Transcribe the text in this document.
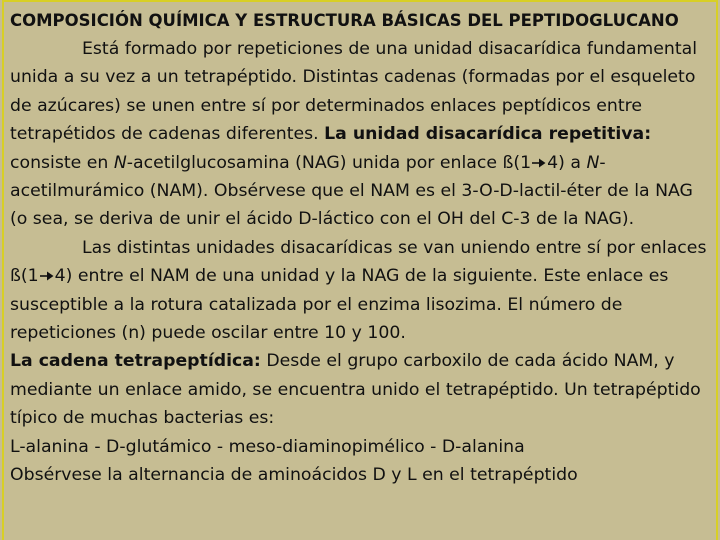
COMPOSICIÓN QUÍMICA Y ESTRUCTURA BÁSICAS DEL PEPTIDOGLUCANO

Está formado por repeticiones de una unidad disacarídica fundamental unida a su vez a un tetrapéptido. Distintas cadenas (formadas por el esqueleto de azúcares) se unen entre sí por determinados enlaces peptídicos entre tetrapétidos de cadenas diferentes. La unidad disacarídica repetitiva: consiste en N-acetilglucosamina (NAG) unida por enlace ß(1 4) a N-acetilmurámico (NAM). Obsérvese que el NAM es el 3-O-D-lactil-éter de la NAG (o sea, se deriva de unir el ácido D-láctico con el OH del C-3 de la NAG).

Las distintas unidades disacarídicas se van uniendo entre sí por enlaces ß(1 4) entre el NAM de una unidad y la NAG de la siguiente. Este enlace es susceptible a la rotura catalizada por el enzima lisozima. El número de repeticiones (n) puede oscilar entre 10 y 100.

La cadena tetrapeptídica: Desde el grupo carboxilo de cada ácido NAM, y mediante un enlace amido, se encuentra unido el tetrapéptido. Un tetrapéptido típico de muchas bacterias es:

L-alanina - D-glutámico - meso-diaminopimélico - D-alanina

Obsérvese la alternancia de aminoácidos D y L en el tetrapéptido
